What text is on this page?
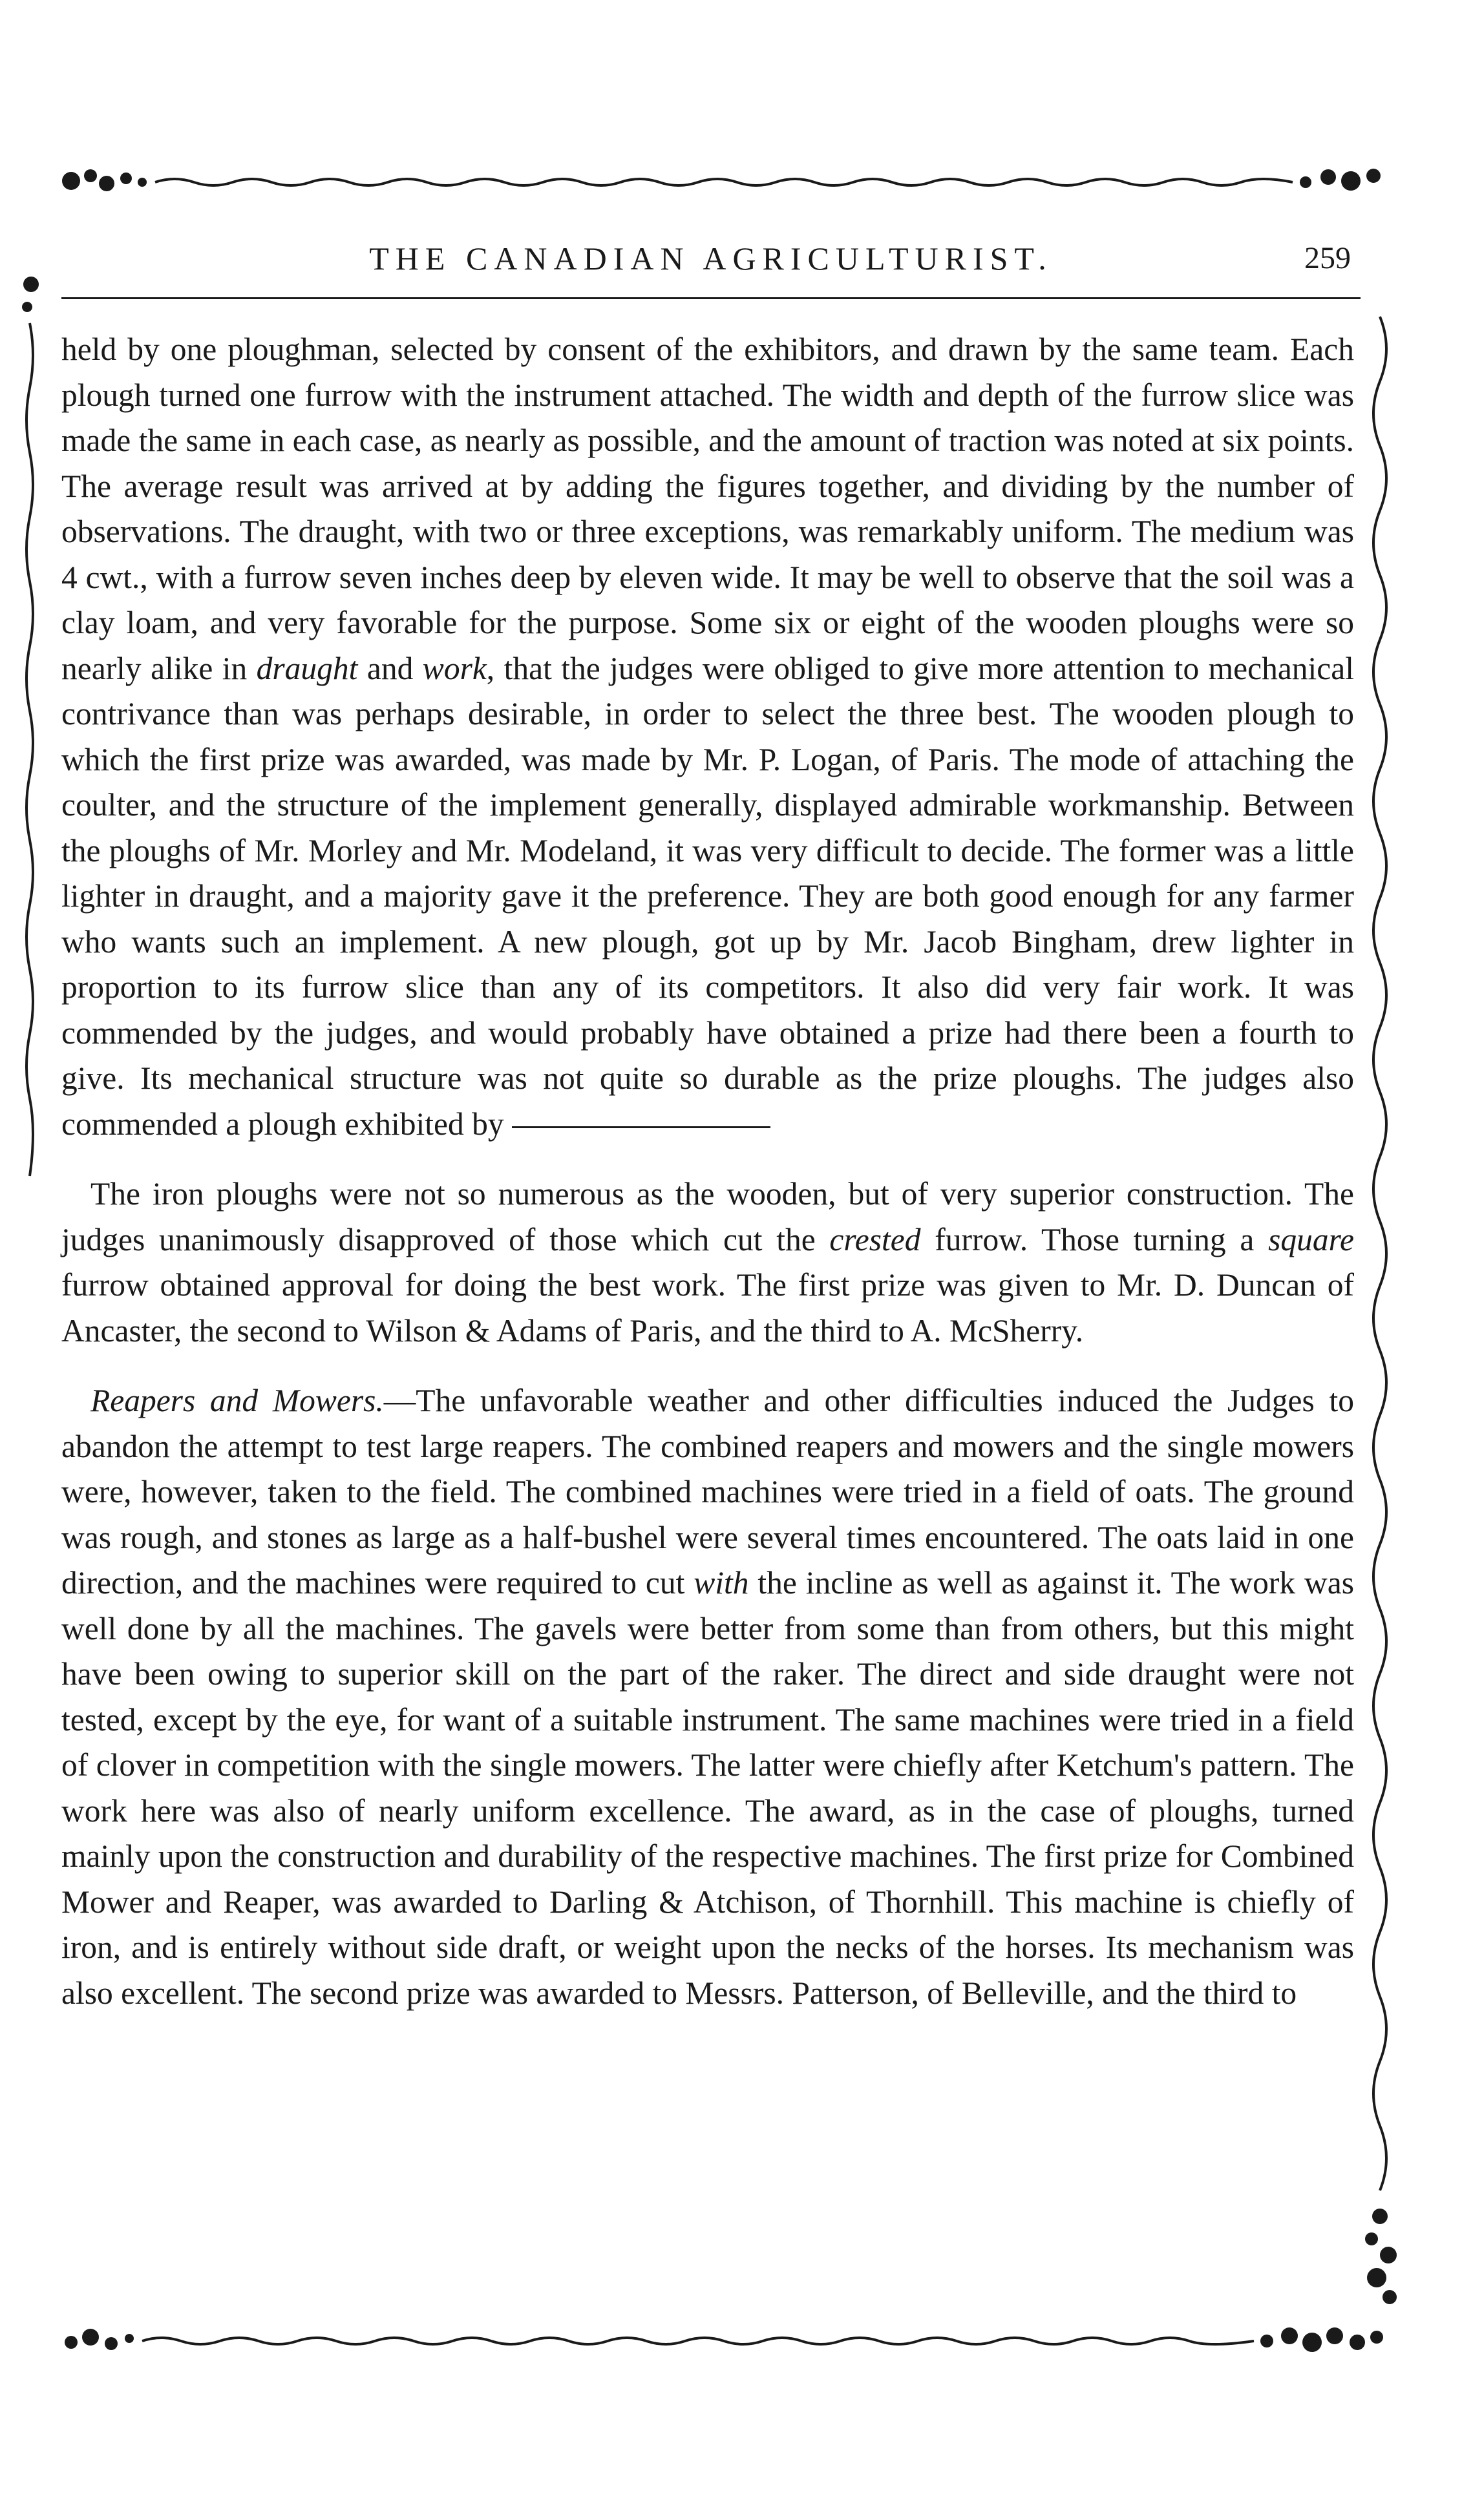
THE CANADIAN AGRICULTURIST.	259

held by one ploughman, selected by consent of the exhibitors, and drawn by the same team. Each plough turned one furrow with the instrument attached. The width and depth of the furrow slice was made the same in each case, as nearly as possible, and the amount of traction was noted at six points. The average result was arrived at by adding the figures together, and dividing by the number of observations. The draught, with two or three exceptions, was remarkably uniform. The medium was 4 cwt., with a furrow seven inches deep by eleven wide. It may be well to observe that the soil was a clay loam, and very favorable for the purpose. Some six or eight of the wooden ploughs were so nearly alike in draught and work, that the judges were obliged to give more attention to mechanical contrivance than was perhaps desirable, in order to select the three best. The wooden plough to which the first prize was awarded, was made by Mr. P. Logan, of Paris. The mode of attaching the coulter, and the structure of the implement generally, displayed admirable workmanship. Between the ploughs of Mr. Morley and Mr. Modeland, it was very difficult to decide. The former was a little lighter in draught, and a majority gave it the preference. They are both good enough for any farmer who wants such an implement. A new plough, got up by Mr. Jacob Bingham, drew lighter in proportion to its furrow slice than any of its competitors. It also did very fair work. It was commended by the judges, and would probably have obtained a prize had there been a fourth to give. Its mechanical structure was not quite so durable as the prize ploughs. The judges also commended a plough exhibited by

The iron ploughs were not so numerous as the wooden, but of very superior construction. The judges unanimously disapproved of those which cut the crested furrow. Those turning a square furrow obtained approval for doing the best work. The first prize was given to Mr. D. Duncan of Ancaster, the second to Wilson & Adams of Paris, and the third to A. McSherry.

Reapers and Mowers.—The unfavorable weather and other difficulties induced the Judges to abandon the attempt to test large reapers. The combined reapers and mowers and the single mowers were, however, taken to the field. The combined machines were tried in a field of oats. The ground was rough, and stones as large as a half-bushel were several times encountered. The oats laid in one direction, and the machines were required to cut with the incline as well as against it. The work was well done by all the machines. The gavels were better from some than from others, but this might have been owing to superior skill on the part of the raker. The direct and side draught were not tested, except by the eye, for want of a suitable instrument. The same machines were tried in a field of clover in competition with the single mowers. The latter were chiefly after Ketchum's pattern. The work here was also of nearly uniform excellence. The award, as in the case of ploughs, turned mainly upon the construction and durability of the respective machines. The first prize for Combined Mower and Reaper, was awarded to Darling & Atchison, of Thornhill. This machine is chiefly of iron, and is entirely without side draft, or weight upon the necks of the horses. Its mechanism was also excellent. The second prize was awarded to Messrs. Patterson, of Belleville, and the third to
